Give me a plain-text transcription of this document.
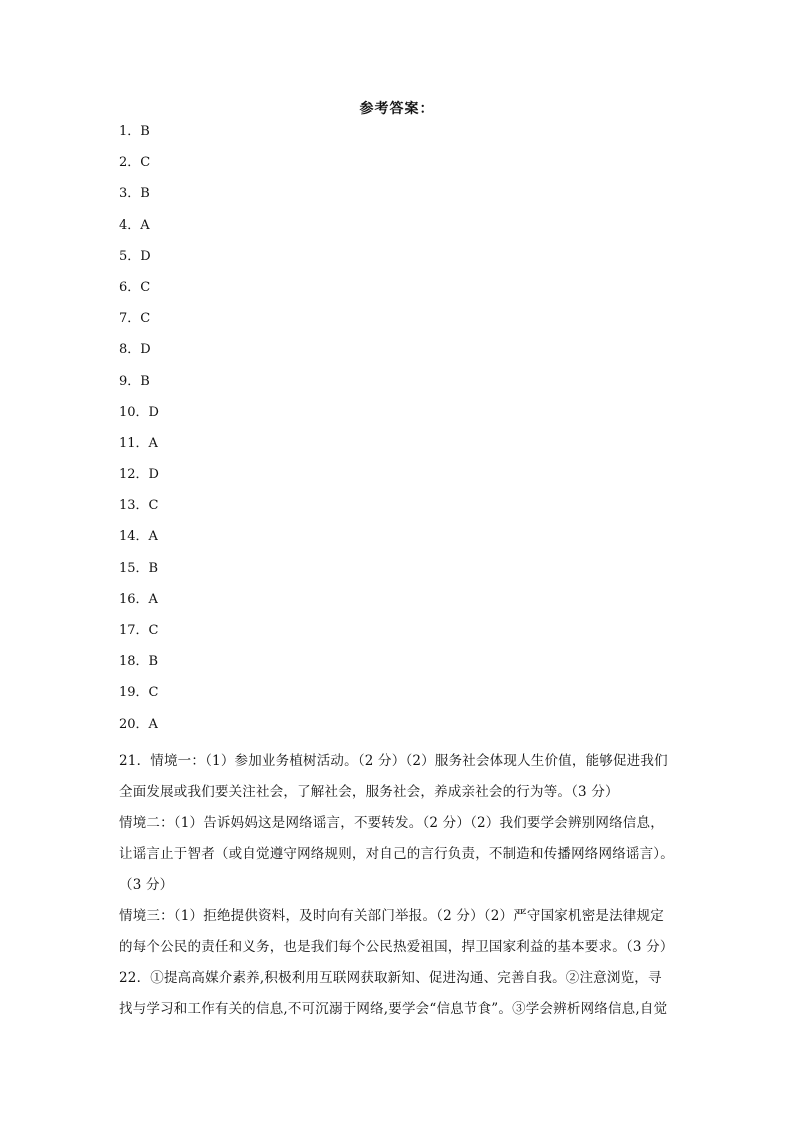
参考答案：
1．B
2．C
3．B
4．A
5．D
6．C
7．C
8．D
9．B
10．D
11．A
12．D
13．C
14．A
15．B
16．A
17．C
18．B
19．C
20．A
21．情境一：（1）参加业务植树活动。（2 分）（2）服务社会体现人生价值，能够促进我们
全面发展或我们要关注社会，了解社会，服务社会，养成亲社会的行为等。（3 分）
情境二：（1）告诉妈妈这是网络谣言，不要转发。（2 分）（2）我们要学会辨别网络信息，
让谣言止于智者（或自觉遵守网络规则，对自己的言行负责，不制造和传播网络网络谣言）。
（3 分）
情境三：（1）拒绝提供资料，及时向有关部门举报。（2 分）（2）严守国家机密是法律规定
的每个公民的责任和义务，也是我们每个公民热爱祖国，捍卫国家利益的基本要求。（3 分）
22．①提高高媒介素养,积极利用互联网获取新知、促进沟通、完善自我。②注意浏览，寻
找与学习和工作有关的信息,不可沉溺于网络,要学会“信息节食”。③学会辨析网络信息,自觉
